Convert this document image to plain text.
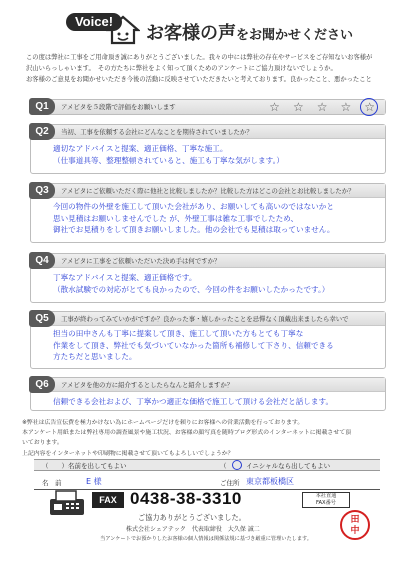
Voice!
お客様の声をお聞かせください

この度は弊社に工事をご用命頂き誠にありがとうございました。我々の中には弊社の存在やサービスをご存知ないお客様が

沢山いらっしゃいます。　その方たちに弊社をよく知って頂くためのアンケートにご協力頂けないでしょうか。

お客様のご意見をお聞かせいただき今後の活動に反映させていただきたいと考えております。良かったこと、悪かったこと

Q1	アメピタを５段階で評価をお願いします	☆ ☆ ☆ ☆ ☆
Q2	当初、工事を依頼する会社にどんなことを期待されていましたか？
適切なアドバイスと提案、適正価格、丁寧な施工。
（仕事道具等、整理整頓されていると、施工も丁寧な気がします。）
Q3	アメピタにご依頼いただく際に他社と比較しましたか？比較した方はどこの会社とお比較しましたか？
今回の物件の外壁を施工して頂いた会社があり、お願いしても高いのではないかと
思い見積はお願いしませんでした が、外壁工事は雑な工事でしたため、
御社でお見積りをして頂きお願いしました。他の会社でも見積は取っていません。
Q4	アメピタに工事をご依頼いただいた決め手は何ですか？
丁寧なアドバイスと提案、適正価格です。
（散水試験での対応がとても良かったので、今回の件をお願いしたかったです。）
Q5	工事が終わってみていかがですか？良かった事・嬉しかったことを忌憚なく頂戴出来ましたら幸いで
担当の田中さんも丁寧に提案して頂き、施工して頂いた方もとても丁寧な
作業をして頂き、弊社でも気づいていなかった箇所も補修して下さり、信頼できる
方たちだと思いました。
Q6	アメピタを他の方に紹介するとしたらなんと紹介しますか？
信頼できる会社および、丁寧かつ適正な価格で施工して頂ける会社だと話します。

※弊社は広告宣伝費を極力かけない為にホームページだけを頼りにお客様への営業活動を行っております。

本アンケート用紙または弊社専用の調査風景や施工状況、お客様の顔写真を随時ブログ形式のインターネットに掲載させて頂

いております。

上記内容をインターネットや印刷物に掲載させて頂いてもよろしいでしょうか？

（　　）名前を出してもよい	（　　）イニシャルなら出してもよい
名　前	E 様	ご住所 東京都板橋区
FAX 0438-38-3310	本社直通
FAX番号
ご協力ありがとうございました。
株式会社シェアテック　代表取締役　大久保 誠二
当アンケートでお預かりしたお客様の個人情報は関係法規に基づき厳重に管理いたします。
田
中
